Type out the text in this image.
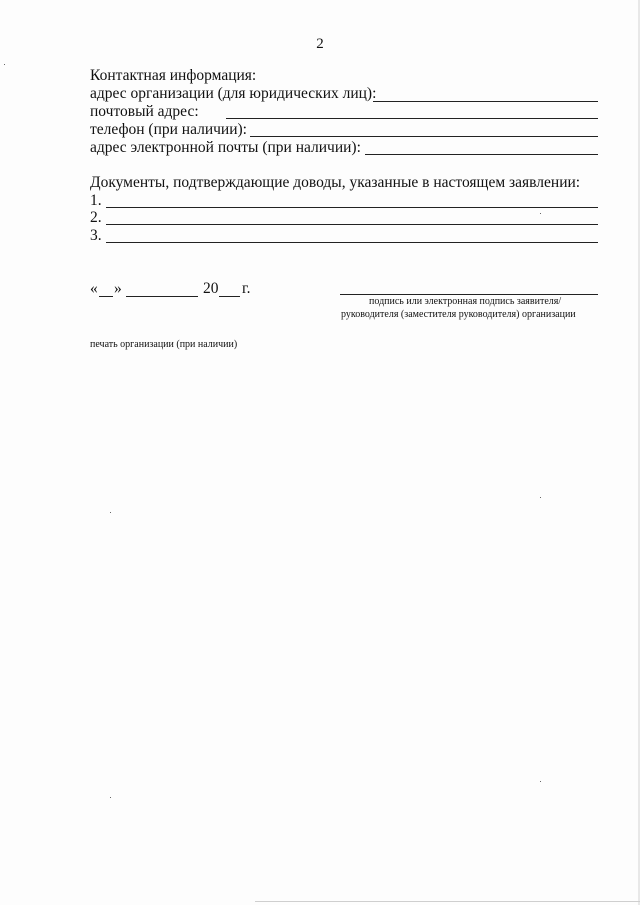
2
Контактная информация:
адрес организации (для юридических лиц):
почтовый адрес:
телефон (при наличии):
адрес электронной почты (при наличии):
Документы, подтверждающие доводы, указанные в настоящем заявлении:
1.
2.
3.
« »	20 г.
подпись или электронная подпись заявителя/
руководителя (заместителя руководителя) организации
печать организации (при наличии)
